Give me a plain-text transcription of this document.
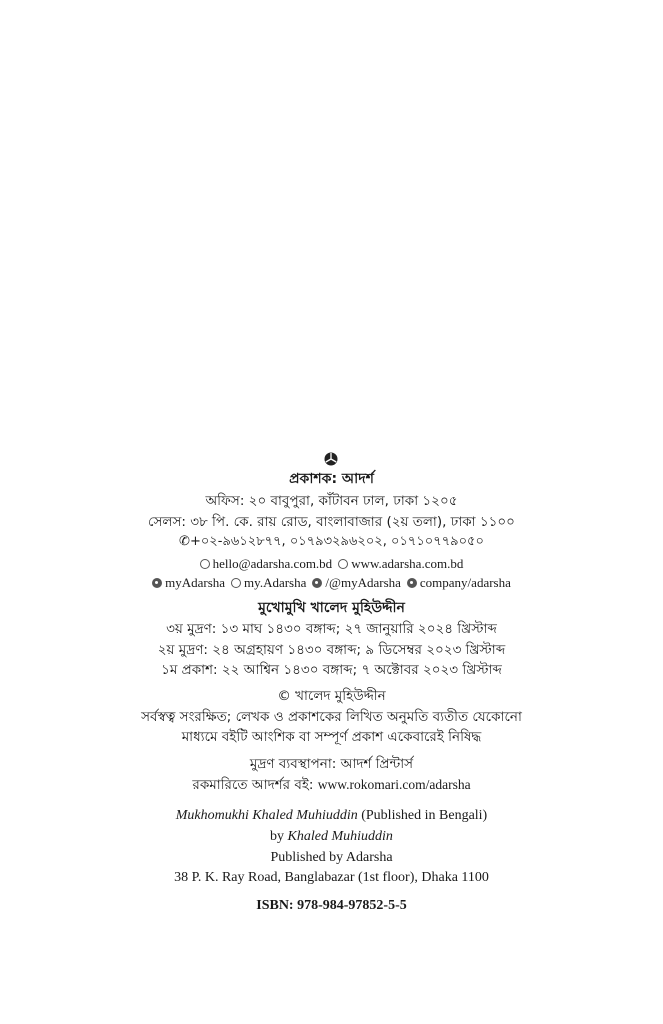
প্রকাশক: আদর্শ
অফিস: ২০ বাবুপুরা, কাঁটাবন ঢাল, ঢাকা ১২০৫
সেলস: ৩৮ পি. কে. রায় রোড, বাংলাবাজার (২য় তলা), ঢাকা ১১০০
✆+০২-৯৬১২৮৭৭, ০১৭৯৩২৯৬২০২, ০১৭১০৭৭৯০৫০
hello@adarsha.com.bd www.adarsha.com.bd
myAdarsha my.Adarsha /@myAdarsha company/adarsha
মুখোমুখি খালেদ মুহিউদ্দীন
৩য় মুদ্রণ: ১৩ মাঘ ১৪৩০ বঙ্গাব্দ; ২৭ জানুয়ারি ২০২৪ খ্রিস্টাব্দ
২য় মুদ্রণ: ২৪ অগ্রহায়ণ ১৪৩০ বঙ্গাব্দ; ৯ ডিসেম্বর ২০২৩ খ্রিস্টাব্দ
১ম প্রকাশ: ২২ আশ্বিন ১৪৩০ বঙ্গাব্দ; ৭ অক্টোবর ২০২৩ খ্রিস্টাব্দ
© খালেদ মুহিউদ্দীন
সর্বস্বত্ব সংরক্ষিত; লেখক ও প্রকাশকের লিখিত অনুমতি ব্যতীত যেকোনো
মাধ্যমে বইটি আংশিক বা সম্পূর্ণ প্রকাশ একেবারেই নিষিদ্ধ
মুদ্রণ ব্যবস্থাপনা: আদর্শ প্রিন্টার্স
রকমারিতে আদর্শর বই: www.rokomari.com/adarsha
Mukhomukhi Khaled Muhiuddin (Published in Bengali)
by Khaled Muhiuddin
Published by Adarsha
38 P. K. Ray Road, Banglabazar (1st floor), Dhaka 1100
ISBN: 978-984-97852-5-5
